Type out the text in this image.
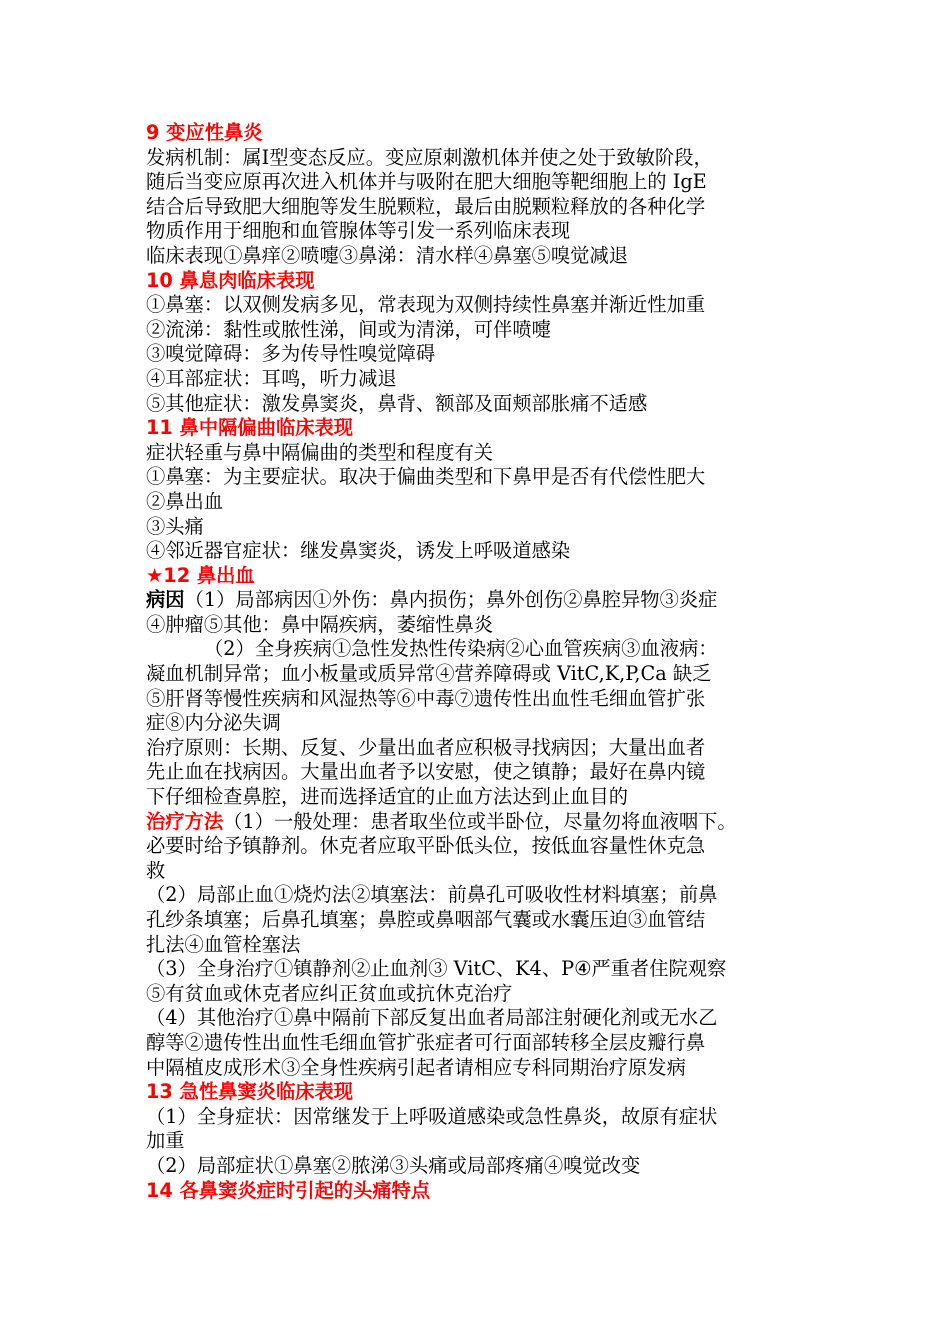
9 变应性鼻炎
发病机制：属Ⅰ型变态反应。变应原刺激机体并使之处于致敏阶段，
随后当变应原再次进入机体并与吸附在肥大细胞等靶细胞上的 IgE
结合后导致肥大细胞等发生脱颗粒，最后由脱颗粒释放的各种化学
物质作用于细胞和血管腺体等引发一系列临床表现
临床表现①鼻痒②喷嚏③鼻涕：清水样④鼻塞⑤嗅觉减退
10 鼻息肉临床表现
①鼻塞：以双侧发病多见，常表现为双侧持续性鼻塞并渐近性加重
②流涕：黏性或脓性涕，间或为清涕，可伴喷嚏
③嗅觉障碍：多为传导性嗅觉障碍
④耳部症状：耳鸣，听力减退
⑤其他症状：激发鼻窦炎，鼻背、额部及面颊部胀痛不适感
11 鼻中隔偏曲临床表现
症状轻重与鼻中隔偏曲的类型和程度有关
①鼻塞：为主要症状。取决于偏曲类型和下鼻甲是否有代偿性肥大
②鼻出血
③头痛
④邻近器官症状：继发鼻窦炎，诱发上呼吸道感染
★12 鼻出血
病因（1）局部病因①外伤：鼻内损伤；鼻外创伤②鼻腔异物③炎症
④肿瘤⑤其他：鼻中隔疾病，萎缩性鼻炎
（2）全身疾病①急性发热性传染病②心血管疾病③血液病：
凝血机制异常；血小板量或质异常④营养障碍或 VitC,K,P,Ca 缺乏
⑤肝肾等慢性疾病和风湿热等⑥中毒⑦遗传性出血性毛细血管扩张
症⑧内分泌失调
治疗原则：长期、反复、少量出血者应积极寻找病因；大量出血者
先止血在找病因。大量出血者予以安慰，使之镇静；最好在鼻内镜
下仔细检查鼻腔，进而选择适宜的止血方法达到止血目的
治疗方法（1）一般处理：患者取坐位或半卧位，尽量勿将血液咽下。
必要时给予镇静剂。休克者应取平卧低头位，按低血容量性休克急
救
（2）局部止血①烧灼法②填塞法：前鼻孔可吸收性材料填塞；前鼻
孔纱条填塞；后鼻孔填塞；鼻腔或鼻咽部气囊或水囊压迫③血管结
扎法④血管栓塞法
（3）全身治疗①镇静剂②止血剂③ VitC、K4、P④严重者住院观察
⑤有贫血或休克者应纠正贫血或抗休克治疗
（4）其他治疗①鼻中隔前下部反复出血者局部注射硬化剂或无水乙
醇等②遗传性出血性毛细血管扩张症者可行面部转移全层皮瓣行鼻
中隔植皮成形术③全身性疾病引起者请相应专科同期治疗原发病
13 急性鼻窦炎临床表现
（1）全身症状：因常继发于上呼吸道感染或急性鼻炎，故原有症状
加重
（2）局部症状①鼻塞②脓涕③头痛或局部疼痛④嗅觉改变
14 各鼻窦炎症时引起的头痛特点
